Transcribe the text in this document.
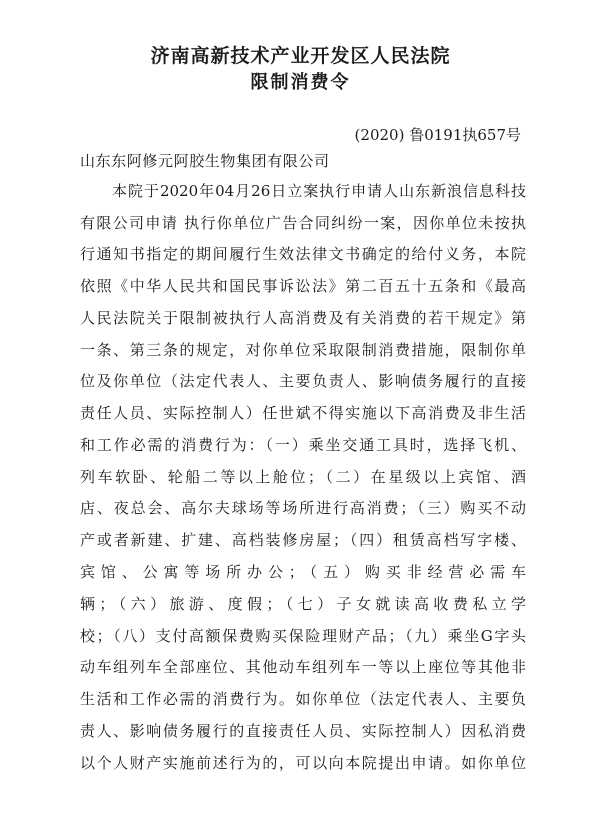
济南高新技术产业开发区人民法院
限制消费令
(2020) 鲁0191执657号
山东东阿修元阿胶生物集团有限公司
本院于2020年04月26日立案执行申请人山东新浪信息科技
有限公司申请 执行你单位广告合同纠纷一案，因你单位未按执
行通知书指定的期间履行生效法律文书确定的给付义务，本院
依照《中华人民共和国民事诉讼法》第二百五十五条和《最高
人民法院关于限制被执行人高消费及有关消费的若干规定》第
一条、第三条的规定，对你单位采取限制消费措施，限制你单
位及你单位（法定代表人、主要负责人、影响债务履行的直接
责任人员、实际控制人）任世斌不得实施以下高消费及非生活
和工作必需的消费行为：（一）乘坐交通工具时，选择飞机、
列车软卧、轮船二等以上舱位；（二）在星级以上宾馆、酒
店、夜总会、高尔夫球场等场所进行高消费；（三）购买不动
产或者新建、扩建、高档装修房屋；（四）租赁高档写字楼、
宾馆、公寓等场所办公；（五）购买非经营必需车
辆；（六）旅游、度假；（七）子女就读高收费私立学
校；（八）支付高额保费购买保险理财产品；（九）乘坐G字头
动车组列车全部座位、其他动车组列车一等以上座位等其他非
生活和工作必需的消费行为。如你单位（法定代表人、主要负
责人、影响债务履行的直接责任人员、实际控制人）因私消费
以个人财产实施前述行为的，可以向本院提出申请。如你单位
